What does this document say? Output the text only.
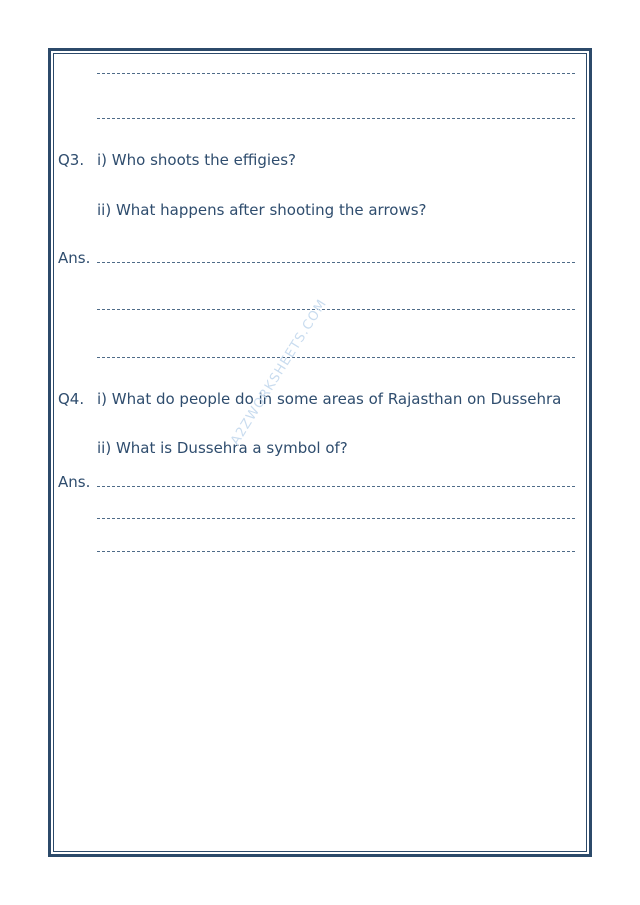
Q3. i) Who shoots the effigies?
ii) What happens after shooting the arrows?
Ans.
Q4. i) What do people do in some areas of Rajasthan on Dussehra
ii) What is Dussehra a symbol of?
Ans.
A2ZWORKSHEETS.COM
